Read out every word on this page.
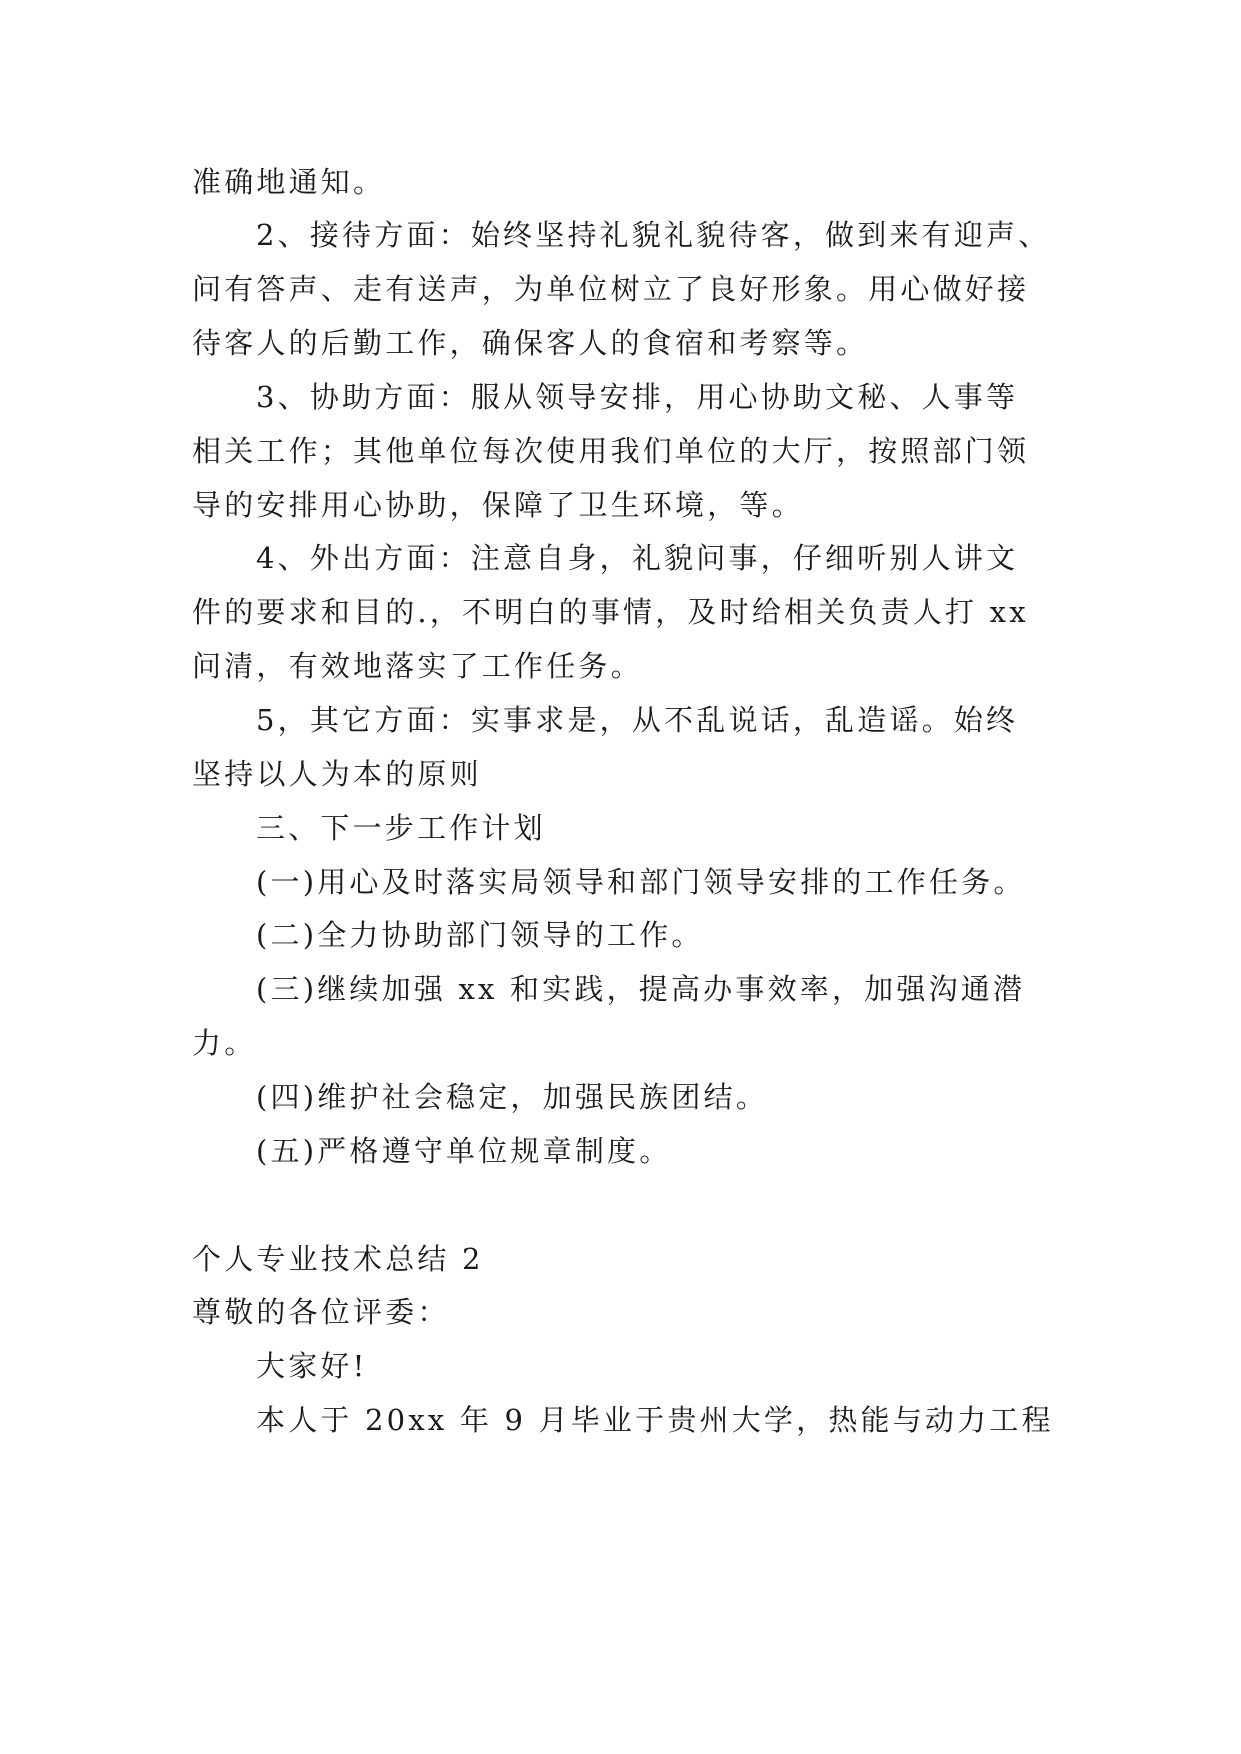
准确地通知。
2、接待方面：始终坚持礼貌礼貌待客，做到来有迎声、
问有答声、走有送声，为单位树立了良好形象。用心做好接
待客人的后勤工作，确保客人的食宿和考察等。
3、协助方面：服从领导安排，用心协助文秘、人事等
相关工作；其他单位每次使用我们单位的大厅，按照部门领
导的安排用心协助，保障了卫生环境，等。
4、外出方面：注意自身，礼貌问事，仔细听别人讲文
件的要求和目的.，不明白的事情，及时给相关负责人打 xx
问清，有效地落实了工作任务。
5，其它方面：实事求是，从不乱说话，乱造谣。始终
坚持以人为本的原则
三、下一步工作计划
(一)用心及时落实局领导和部门领导安排的工作任务。
(二)全力协助部门领导的工作。
(三)继续加强 xx 和实践，提高办事效率，加强沟通潜
力。
(四)维护社会稳定，加强民族团结。
(五)严格遵守单位规章制度。
个人专业技术总结 2
尊敬的各位评委：
大家好!
本人于 20xx 年 9 月毕业于贵州大学，热能与动力工程
